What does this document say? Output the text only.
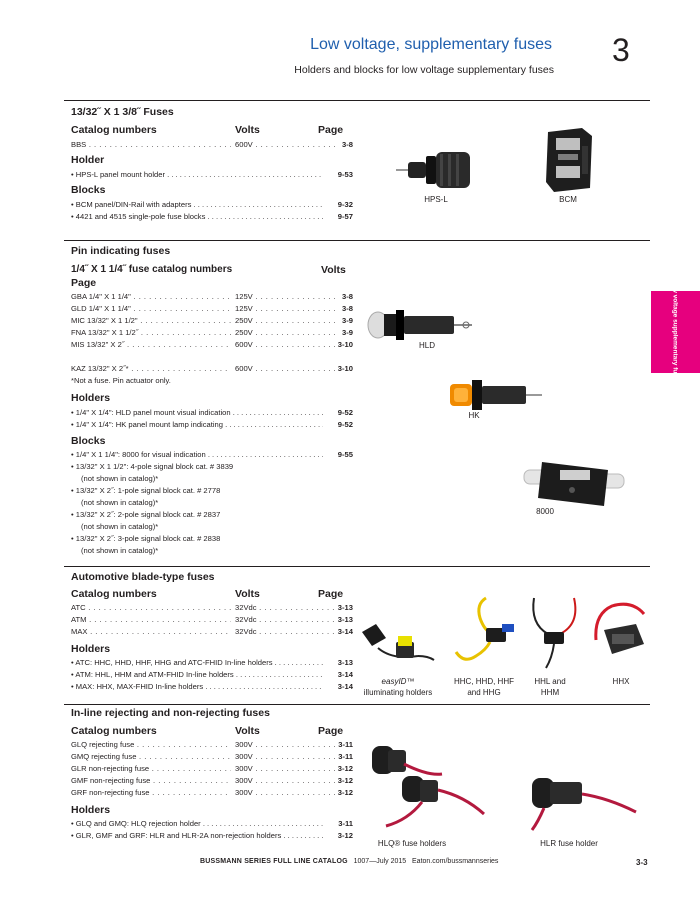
Low voltage, supplementary fuses
Holders and blocks for low voltage supplementary fuses
3
Low voltage supplementary fuses
13/32˝ X 1 3/8˝ Fuses
Catalog numbers	Volts	Page
BBS . . .	600V . . .	3-8
Holder
• HPS-L panel mount holder . . .	9-53
Blocks
• BCM panel/DIN-Rail with adapters . . .	9-32
• 4421 and 4515 single-pole fuse blocks . . .	9-57
HPS-L	BCM
Pin indicating fuses
1/4˝ X 1 1/4˝ fuse catalog numbers	Volts
Page
GBA 1/4" X 1 1/4" . . .	125V . . .	3-8
GLD 1/4" X 1 1/4" . . .	125V . . .	3-8
MIC 13/32" X 1 1/2" . . .	250V . . .	3-9
FNA 13/32" X 1 1/2˝ . . .	250V . . .	3-9
MIS 13/32" X 2˝ . . .	600V . . .	3-10
KAZ 13/32" X 2˝* . . .	600V . . .	3-10
*Not a fuse. Pin actuator only.
Holders
• 1/4" X 1/4": HLD panel mount visual indication . . .	9-52
• 1/4" X 1/4": HK panel mount lamp indicating . . .	9-52
Blocks
• 1/4" X 1 1/4": 8000 for visual indication . . .	9-55
• 13/32" X 1 1/2": 4-pole signal block cat. # 3839
(not shown in catalog)*
• 13/32" X 2˝: 1-pole signal block cat. # 2778
(not shown in catalog)*
• 13/32" X 2˝: 2-pole signal block cat. # 2837
(not shown in catalog)*
• 13/32" X 2˝: 3-pole signal block cat. # 2838
(not shown in catalog)*
HLD
HK
8000
Automotive blade-type fuses
Catalog numbers	Volts	Page
ATC . . .	32Vdc . . .	3-13
ATM . . .	32Vdc . . .	3-13
MAX . . .	32Vdc . . .	3-14
Holders
• ATC: HHC, HHD, HHF, HHG and ATC-FHID In-line holders . . .	3-13
• ATM: HHL, HHM and ATM-FHID In-line holders . . .	3-14
• MAX: HHX, MAX-FHID In-line holders . . .	3-14
easyID™
illuminating holders
HHC, HHD, HHF
and HHG
HHL and
HHM
HHX
In-line rejecting and non-rejecting fuses
Catalog numbers	Volts	Page
GLQ rejecting fuse . . .	300V . . .	3-11
GMQ rejecting fuse . . .	300V . . .	3-11
GLR non-rejecting fuse . . .	300V . . .	3-12
GMF non-rejecting fuse . . .	300V . . .	3-12
GRF non-rejecting fuse . . .	300V . . .	3-12
Holders
• GLQ and GMQ: HLQ rejection holder . . .	3-11
• GLR, GMF and GRF: HLR and HLR-2A non-rejection holders . . .	3-12
HLQ® fuse holders	HLR fuse holder
BUSSMANN SERIES FULL LINE CATALOG 1007—July 2015 Eaton.com/bussmannseries	3-3
